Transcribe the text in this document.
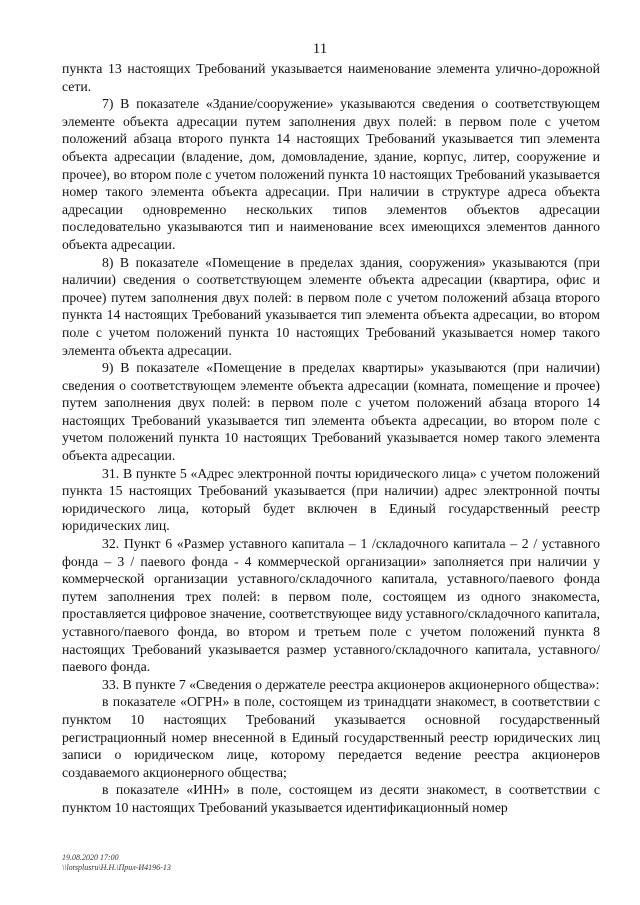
11

пункта 13 настоящих Требований указывается наименование элемента улично-дорожной сети.

7) В показателе «Здание/сооружение» указываются сведения о соответствующем элементе объекта адресации путем заполнения двух полей: в первом поле с учетом положений абзаца второго пункта 14 настоящих Требований указывается тип элемента объекта адресации (владение, дом, домовладение, здание, корпус, литер, сооружение и прочее), во втором поле с учетом положений пункта 10 настоящих Требований указывается номер такого элемента объекта адресации. При наличии в структуре адреса объекта адресации одновременно нескольких типов элементов объектов адресации последовательно указываются тип и наименование всех имеющихся элементов данного объекта адресации.

8) В показателе «Помещение в пределах здания, сооружения» указываются (при наличии) сведения о соответствующем элементе объекта адресации (квартира, офис и прочее) путем заполнения двух полей: в первом поле с учетом положений абзаца второго пункта 14 настоящих Требований указывается тип элемента объекта адресации, во втором поле с учетом положений пункта 10 настоящих Требований указывается номер такого элемента объекта адресации.

9) В показателе «Помещение в пределах квартиры» указываются (при наличии) сведения о соответствующем элементе объекта адресации (комната, помещение и прочее) путем заполнения двух полей: в первом поле с учетом положений абзаца второго 14 настоящих Требований указывается тип элемента объекта адресации, во втором поле с учетом положений пункта 10 настоящих Требований указывается номер такого элемента объекта адресации.

31. В пункте 5 «Адрес электронной почты юридического лица» с учетом положений пункта 15 настоящих Требований указывается (при наличии) адрес электронной почты юридического лица, который будет включен в Единый государственный реестр юридических лиц.

32. Пункт 6 «Размер уставного капитала – 1 /складочного капитала – 2 / уставного фонда – 3 / паевого фонда - 4 коммерческой организации» заполняется при наличии у коммерческой организации уставного/складочного капитала, уставного/паевого фонда путем заполнения трех полей: в первом поле, состоящем из одного знакоместа, проставляется цифровое значение, соответствующее виду уставного/складочного капитала, уставного/паевого фонда, во втором и третьем поле с учетом положений пункта 8 настоящих Требований указывается размер уставного/складочного капитала, уставного/паевого фонда.

33. В пункте 7 «Сведения о держателе реестра акционеров акционерного общества»:

в показателе «ОГРН» в поле, состоящем из тринадцати знакомест, в соответствии с пунктом 10 настоящих Требований указывается основной государственный регистрационный номер внесенной в Единый государственный реестр юридических лиц записи о юридическом лице, которому передается ведение реестра акционеров создаваемого акционерного общества;

в показателе «ИНН» в поле, состоящем из десяти знакомест, в соответствии с пунктом 10 настоящих Требований указывается идентификационный номер

19.08.2020 17:00
\\lotsplusru\Н.Н.\Прил-И4196-13
